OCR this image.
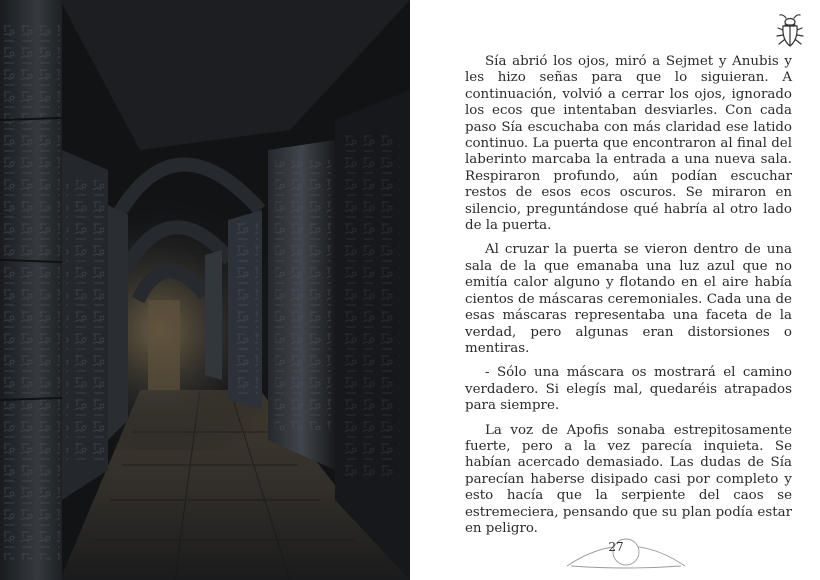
Sía abrió los ojos, miró a Sejmet y Anubis y les hizo señas para que lo siguieran. A continuación, volvió a cerrar los ojos, ignorado los ecos que intentaban desviarles. Con cada paso Sía escuchaba con más claridad ese latido continuo. La puerta que encontraron al final del laberinto marcaba la entrada a una nueva sala. Respiraron profundo, aún podían escuchar restos de esos ecos oscuros. Se miraron en silencio, preguntándose qué habría al otro lado de la puerta.

Al cruzar la puerta se vieron dentro de una sala de la que emanaba una luz azul que no emitía calor alguno y flotando en el aire había cientos de máscaras ceremoniales. Cada una de esas máscaras representaba una faceta de la verdad, pero algunas eran distorsiones o mentiras.

- Sólo una máscara os mostrará el camino verdadero. Si elegís mal, quedaréis atrapados para siempre.

La voz de Apofis sonaba estrepitosamente fuerte, pero a la vez parecía inquieta. Se habían acercado demasiado. Las dudas de Sía parecían haberse disipado casi por completo y esto hacía que la serpiente del caos se estremeciera, pensando que su plan podía estar en peligro.

27
